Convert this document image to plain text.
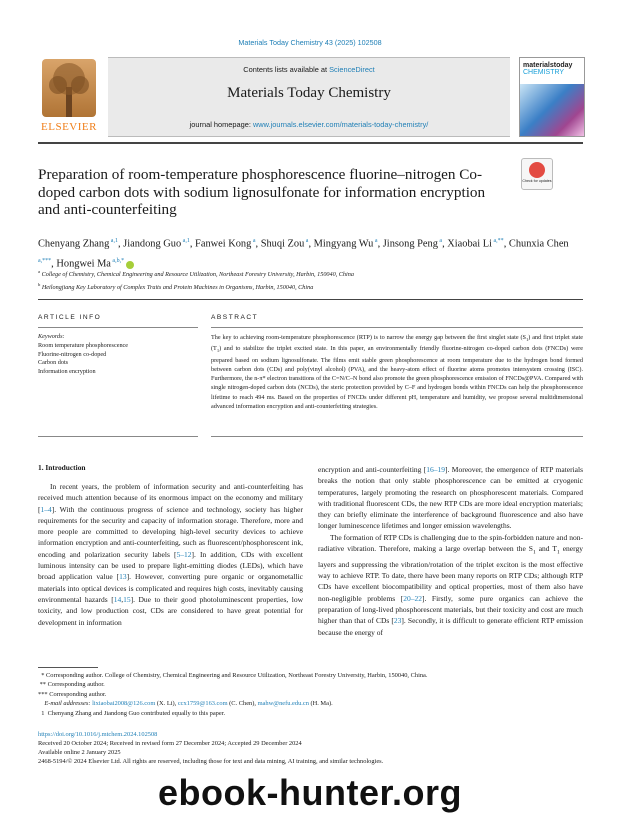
Materials Today Chemistry 43 (2025) 102508
ELSEVIER
Contents lists available at ScienceDirect
Materials Today Chemistry
journal homepage: www.journals.elsevier.com/materials-today-chemistry/
materialstoday
CHEMISTRY
Preparation of room-temperature phosphorescence fluorine–nitrogen Co-doped carbon dots with sodium lignosulfonate for information encryption and anti-counterfeiting
Check for updates
Chenyang Zhang $^{a,1}$, Jiandong Guo $^{a,1}$, Fanwei Kong $^a$, Shuqi Zou $^a$, Mingyang Wu $^a$, Jinsong Peng $^a$, Xiaobai Li $^{a,**}$, Chunxia Chen $^{a,***}$, Hongwei Ma $^{a,b,*}$
$^a$ College of Chemistry, Chemical Engineering and Resource Utilization, Northeast Forestry University, Harbin, 150040, China
$^b$ Heilongjiang Key Laboratory of Complex Traits and Protein Machines in Organisms, Harbin, 150040, China
ARTICLE INFO	ABSTRACT
Keywords:
Room temperature phosphorescence
Fluorine-nitrogen co-doped
Carbon dots
Information encryption
The key to achieving room-temperature phosphorescence (RTP) is to narrow the energy gap between the first singlet state $(S_1)$ and first triplet state $(T_1)$ and to stabilize the triplet excited state. In this paper, an environmentally friendly fluorine-nitrogen co-doped carbon dots (FNCDs) were prepared based on sodium lignosulfonate. The films emit stable green phosphorescence at room temperature due to the hydrogen bond formed between carbon dots (CDs) and poly(vinyl alcohol) (PVA), and the heavy-atom effect of fluorine atoms promotes intersystem crossing (ISC). Furthermore, the n-π* electron transitions of the C=N/C–N bond also promote the green phosphorescence emission of FNCDs@PVA. Compared with single nitrogen-doped carbon dots (NCDs), the steric protection provided by C–F and hydrogen bonds within FNCDs can help the phosphorescence lifetime to reach 494 ms. Based on the properties of FNCDs under different pH, temperature and humidity, we propose several multidimensional advanced information encryption and anti-counterfeiting strategies.
1. Introduction
In recent years, the problem of information security and anti-counterfeiting has received much attention because of its enormous impact on the economy and military [1–4]. With the continuous progress of science and technology, society has higher requirements for the security and capacity of information storage. Therefore, more and more people are committed to developing high-level security devices to achieve information encryption and anti-counterfeiting, such as fluorescent/phosphorescent ink, encoding and polarization security labels [5–12]. In addition, CDs with excellent luminous intensity can be used to prepare light-emitting diodes (LEDs), which have broad application value [13]. However, converting pure organic or organometallic materials into optical devices is complicated and requires high costs, inevitably causing environmental hazards [14,15]. Due to their good photoluminescent properties, low toxicity, and low production cost, CDs are considered to have great potential for development in information

encryption and anti-counterfeiting [16–19]. Moreover, the emergence of RTP materials breaks the notion that only stable phosphorescence can be emitted at cryogenic temperatures, largely promoting the research on phosphorescent materials. Compared with traditional fluorescent CDs, the new RTP CDs are more ideal encryption materials; they can briefly eliminate the interference of background fluorescence and also have longer luminescence lifetimes and longer emission wavelengths.

The formation of RTP CDs is challenging due to the spin-forbidden nature and non-radiative vibration. Therefore, making a large overlap between the $S_1$ and $T_1$ energy layers and suppressing the vibration/rotation of the triplet exciton is the most effective way to achieve RTP. To date, there have been many reports on RTP CDs; although RTP CDs have excellent biocompatibility and optical properties, most of them also have non-negligible problems [20–22]. Firstly, some pure organics can achieve the preparation of long-lived phosphorescent materials, but their toxicity and cost are much higher than that of CDs [23]. Secondly, it is difficult to generate efficient RTP emission because the energy of

* Corresponding author. College of Chemistry, Chemical Engineering and Resource Utilization, Northeast Forestry University, Harbin, 150040, China.
** Corresponding author.
*** Corresponding author.
E-mail addresses: lixiaobai2008@126.com (X. Li), ccx1759@163.com (C. Chen), mahw@nefu.edu.cn (H. Ma).
1 Chenyang Zhang and Jiandong Guo contributed equally to this paper.
https://doi.org/10.1016/j.mtchem.2024.102508
Received 20 October 2024; Received in revised form 27 December 2024; Accepted 29 December 2024
Available online 2 January 2025
2468-5194/© 2024 Elsevier Ltd. All rights are reserved, including those for text and data mining, AI training, and similar technologies.
ebook-hunter.org
